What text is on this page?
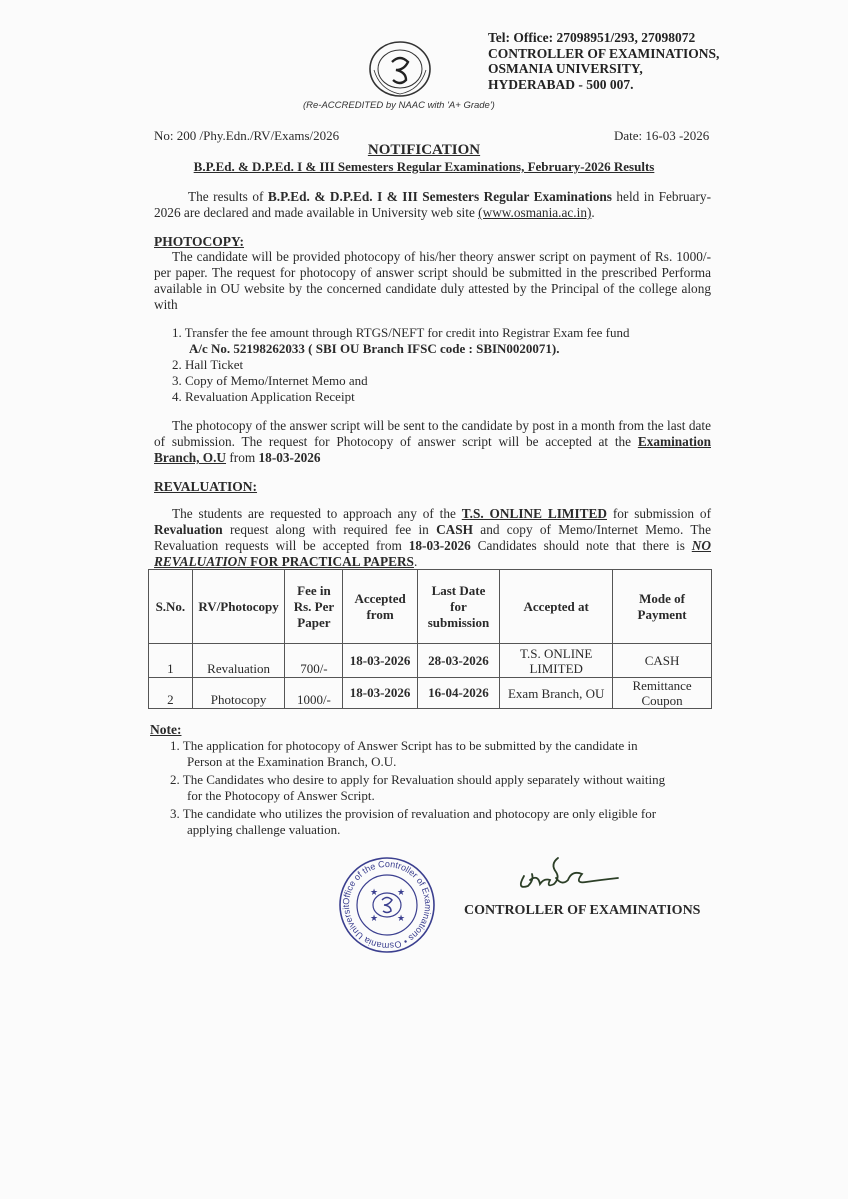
(Re-ACCREDITED by NAAC with 'A+ Grade')
Tel: Office: 27098951/293, 27098072
CONTROLLER OF EXAMINATIONS,
OSMANIA UNIVERSITY,
HYDERABAD - 500 007.
No: 200 /Phy.Edn./RV/Exams/2026	Date: 16-03 -2026
NOTIFICATION
B.P.Ed. & D.P.Ed. I & III Semesters Regular Examinations, February-2026 Results
The results of B.P.Ed. & D.P.Ed. I & III Semesters Regular Examinations held in February-2026 are declared and made available in University web site (www.osmania.ac.in).
PHOTOCOPY:
The candidate will be provided photocopy of his/her theory answer script on payment of Rs. 1000/- per paper. The request for photocopy of answer script should be submitted in the prescribed Performa available in OU website by the concerned candidate duly attested by the Principal of the college along with
1. Transfer the fee amount through RTGS/NEFT for credit into Registrar Exam fee fund
A/c No. 52198262033 ( SBI OU Branch IFSC code : SBIN0020071).
2. Hall Ticket
3. Copy of Memo/Internet Memo and
4. Revaluation Application Receipt
The photocopy of the answer script will be sent to the candidate by post in a month from the last date of submission. The request for Photocopy of answer script will be accepted at the Examination Branch, O.U from 18-03-2026
REVALUATION:
The students are requested to approach any of the T.S. ONLINE LIMITED for submission of Revaluation request along with required fee in CASH and copy of Memo/Internet Memo. The Revaluation requests will be accepted from 18-03-2026 Candidates should note that there is NO REVALUATION FOR PRACTICAL PAPERS.
S.No.	RV/Photocopy	Fee in Rs. Per Paper	Accepted from	Last Date for submission	Accepted at	Mode of Payment
1	Revaluation	700/-	18-03-2026	28-03-2026	T.S. ONLINE LIMITED	CASH
2	Photocopy	1000/-	18-03-2026	16-04-2026	Exam Branch, OU	Remittance Coupon
Note:
1. The application for photocopy of Answer Script has to be submitted by the candidate in Person at the Examination Branch, O.U.
2. The Candidates who desire to apply for Revaluation should apply separately without waiting for the Photocopy of Answer Script.
3. The candidate who utilizes the provision of revaluation and photocopy are only eligible for applying challenge valuation.
Office of the Controller of Examinations • Osmania Universit
★ ★
★ ★	CONTROLLER OF EXAMINATIONS
